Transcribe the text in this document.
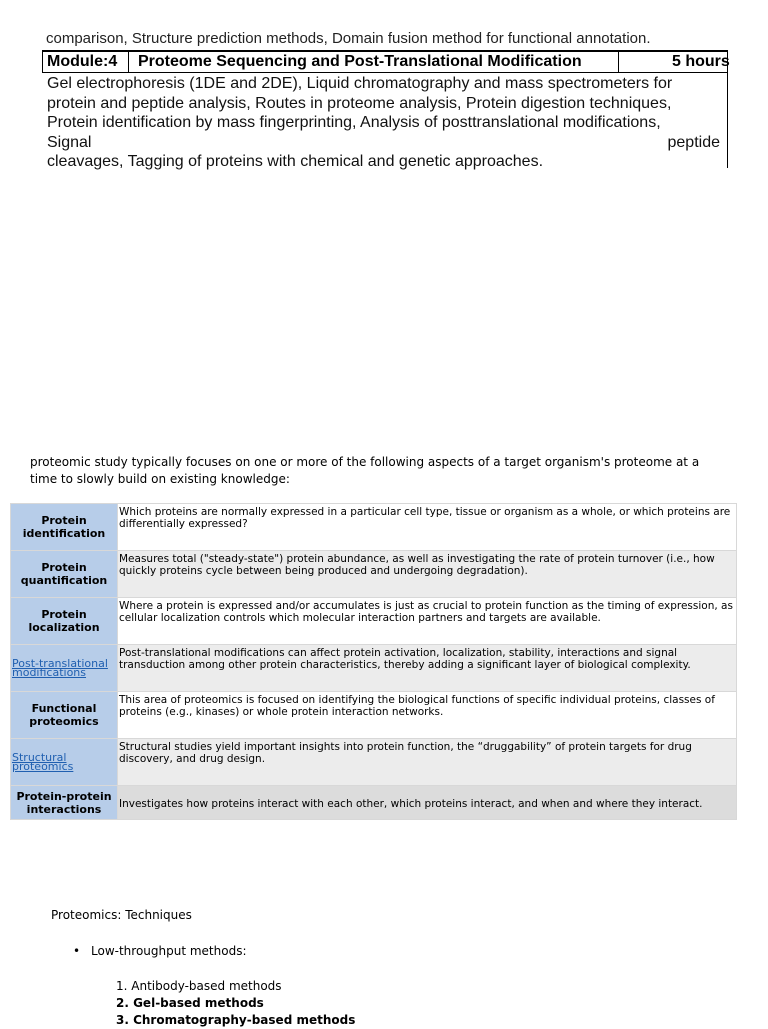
comparison, Structure prediction methods, Domain fusion method for functional annotation.
Module:4 Proteome Sequencing and Post-Translational Modification	5 hours
Gel electrophoresis (1DE and 2DE), Liquid chromatography and mass spectrometers for
protein and peptide analysis, Routes in proteome analysis, Protein digestion techniques,
Protein identification by mass fingerprinting, Analysis of posttranslational modifications,
Signal	peptide
cleavages, Tagging of proteins with chemical and genetic approaches.
proteomic study typically focuses on one or more of the following aspects of a target organism's proteome at a time to slowly build on existing knowledge:
Protein identification	Which proteins are normally expressed in a particular cell type, tissue or organism as a whole, or which proteins are differentially expressed?
Protein quantification	Measures total ("steady-state") protein abundance, as well as investigating the rate of protein turnover (i.e., how quickly proteins cycle between being produced and undergoing degradation).
Protein localization	Where a protein is expressed and/or accumulates is just as crucial to protein function as the timing of expression, as cellular localization controls which molecular interaction partners and targets are available.
Post-translational modifications	Post-translational modifications can affect protein activation, localization, stability, interactions and signal transduction among other protein characteristics, thereby adding a significant layer of biological complexity.
Functional proteomics	This area of proteomics is focused on identifying the biological functions of specific individual proteins, classes of proteins (e.g., kinases) or whole protein interaction networks.
Structural proteomics	Structural studies yield important insights into protein function, the “druggability” of protein targets for drug discovery, and drug design.
Protein-protein interactions	Investigates how proteins interact with each other, which proteins interact, and when and where they interact.
Proteomics: Techniques
• Low-throughput methods:
1. Antibody-based methods
2. Gel-based methods
3. Chromatography-based methods
